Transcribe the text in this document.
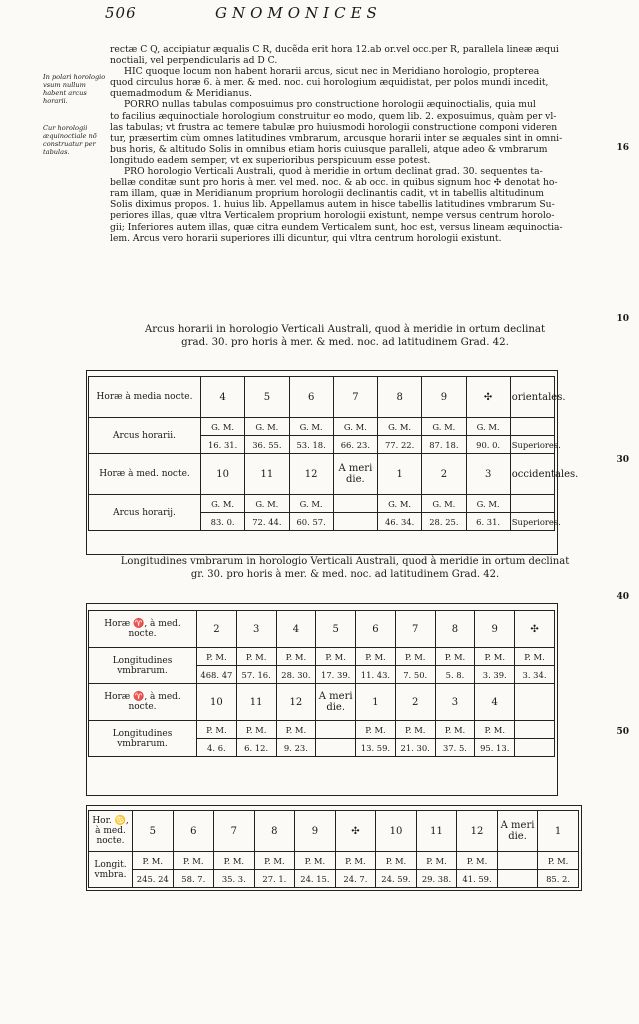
506	GNOMONICES
In polari horologio vsum nullum habent arcus horarii.
Cur horologii æquinoctiale nõ construatur per tabulas.

rectæ C Q, accipiatur æqualis C R, ducẽda erit hora 12.ab or.vel occ.per R, parallela lineæ æqui

noctiali, vel perpendicularis ad D C.

HIC quoque locum non habent horarii arcus, sicut nec in Meridiano horologio, propterea

quod circulus horæ 6. à mer. & med. noc. cui horologium æquidistat, per polos mundi incedit,

quemadmodum & Meridianus.

PORRO nullas tabulas composuimus pro constructione horologii æquinoctialis, quia mul

to facilius æquinoctiale horologium construitur eo modo, quem lib. 2. exposuimus, quàm per vl-

las tabulas; vt frustra ac temere tabulæ pro huiusmodi horologii constructione componi videren

tur, præsertim cùm omnes latitudines vmbrarum, arcusque horarii inter se æquales sint in omni-

bus horis, & altitudo Solis in omnibus etiam horis cuiusque paralleli, atque adeo & vmbrarum

longitudo eadem semper, vt ex superioribus perspicuum esse potest.

PRO horologio Verticali Australi, quod à meridie in ortum declinat grad. 30. sequentes ta-

bellæ conditæ sunt pro horis à mer. vel med. noc. & ab occ. in quibus signum hoc ✣ denotat ho-

ram illam, quæ in Meridianum proprium horologii declinantis cadit, vt in tabellis altitudinum

Solis diximus propos. 1. huius lib. Appellamus autem in hisce tabellis latitudines vmbrarum Su-

periores illas, quæ vltra Verticalem proprium horologii existunt, nempe versus centrum horolo-

gii; Inferiores autem illas, quæ citra eundem Verticalem sunt, hoc est, versus lineam æquinoctia-

lem. Arcus vero horarii superiores illi dicuntur, qui vltra centrum horologii existunt.

16
10
30
40
50
Arcus horarii in horologio Verticali Australi, quod à meridie in ortum declinat
grad. 30. pro horis à mer. & med. noc. ad latitudinem Grad. 42.
Horæ à media nocte.	4	5	6	7	8	9	✣	orientales.
Arcus horarii.	G. M.	G. M.	G. M.	G. M.	G. M.	G. M.	G. M.	
	16. 31.	36. 55.	53. 18.	66. 23.	77. 22.	87. 18.	90. 0.	Superiores.
Horæ à med. nocte.	10	11	12	A meri die.	1	2	3	occidentales.
Arcus horarij.	G. M.	G. M.	G. M.		G. M.	G. M.	G. M.	
	83. 0.	72. 44.	60. 57.		46. 34.	28. 25.	6. 31.	Superiores.
Longitudines vmbrarum in horologio Verticali Australi, quod à meridie in ortum declinat
gr. 30. pro horis à mer. & med. noc. ad latitudinem Grad. 42.
Horæ ♈, à med. nocte.	2	3	4	5	6	7	8	9	✣
Longitudines vmbrarum.	P. M.	P. M.	P. M.	P. M.	P. M.	P. M.	P. M.	P. M.	P. M.
	468. 47	57. 16.	28. 30.	17. 39.	11. 43.	7. 50.	5. 8.	3. 39.	3. 34.
Horæ ♈, à med. nocte.	10	11	12	A meri die.	1	2	3	4	
Longitudines vmbrarum.	P. M.	P. M.	P. M.		P. M.	P. M.	P. M.	P. M.	
	4. 6.	6. 12.	9. 23.		13. 59.	21. 30.	37. 5.	95. 13.	
Hor. ♋, à med. nocte.	5	6	7	8	9	✣	10	11	12	A meri die.	1
Longit. vmbra.	P. M.	P. M.	P. M.	P. M.	P. M.	P. M.	P. M.	P. M.	P. M.		P. M.
	245. 24	58. 7.	35. 3.	27. 1.	24. 15.	24. 7.	24. 59.	29. 38.	41. 59.		85. 2.
